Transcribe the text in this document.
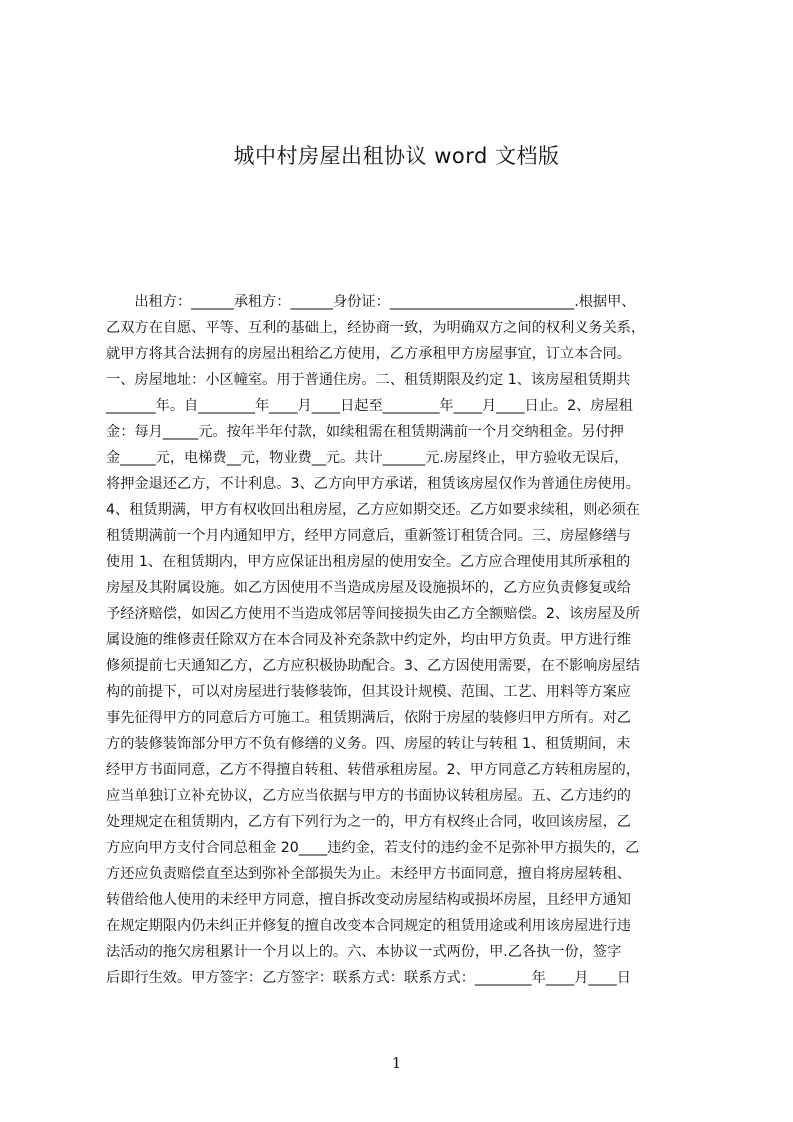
城中村房屋出租协议 word 文档版
　　出租方：______承租方：______身份证：__________________________.根据甲、
乙双方在自愿、平等、互利的基础上，经协商一致，为明确双方之间的权利义务关系，
就甲方将其合法拥有的房屋出租给乙方使用，乙方承租甲方房屋事宜，订立本合同。
一、房屋地址：小区幢室。用于普通住房。二、租赁期限及约定 1、该房屋租赁期共
_______年。自________年____月____日起至________年____月____日止。2、房屋租
金：每月_____元。按年半年付款，如续租需在租赁期满前一个月交纳租金。另付押
金_____元，电梯费__元，物业费__元。共计______元.房屋终止，甲方验收无误后，
将押金退还乙方，不计利息。3、乙方向甲方承诺，租赁该房屋仅作为普通住房使用。
4、租赁期满，甲方有权收回出租房屋，乙方应如期交还。乙方如要求续租，则必须在
租赁期满前一个月内通知甲方，经甲方同意后，重新签订租赁合同。三、房屋修缮与
使用 1、在租赁期内，甲方应保证出租房屋的使用安全。乙方应合理使用其所承租的
房屋及其附属设施。如乙方因使用不当造成房屋及设施损坏的，乙方应负责修复或给
予经济赔偿，如因乙方使用不当造成邻居等间接损失由乙方全额赔偿。2、该房屋及所
属设施的维修责任除双方在本合同及补充条款中约定外，均由甲方负责。甲方进行维
修须提前七天通知乙方，乙方应积极协助配合。3、乙方因使用需要，在不影响房屋结
构的前提下，可以对房屋进行装修装饰，但其设计规模、范围、工艺、用料等方案应
事先征得甲方的同意后方可施工。租赁期满后，依附于房屋的装修归甲方所有。对乙
方的装修装饰部分甲方不负有修缮的义务。四、房屋的转让与转租 1、租赁期间，未
经甲方书面同意，乙方不得擅自转租、转借承租房屋。2、甲方同意乙方转租房屋的，
应当单独订立补充协议，乙方应当依据与甲方的书面协议转租房屋。五、乙方违约的
处理规定在租赁期内，乙方有下列行为之一的，甲方有权终止合同，收回该房屋，乙
方应向甲方支付合同总租金 20____违约金，若支付的违约金不足弥补甲方损失的，乙
方还应负责赔偿直至达到弥补全部损失为止。未经甲方书面同意，擅自将房屋转租、
转借给他人使用的未经甲方同意，擅自拆改变动房屋结构或损坏房屋，且经甲方通知
在规定期限内仍未纠正并修复的擅自改变本合同规定的租赁用途或利用该房屋进行违
法活动的拖欠房租累计一个月以上的。六、本协议一式两份，甲.乙各执一份，签字
后即行生效。甲方签字：乙方签字：联系方式：联系方式：________年____月____日
1
